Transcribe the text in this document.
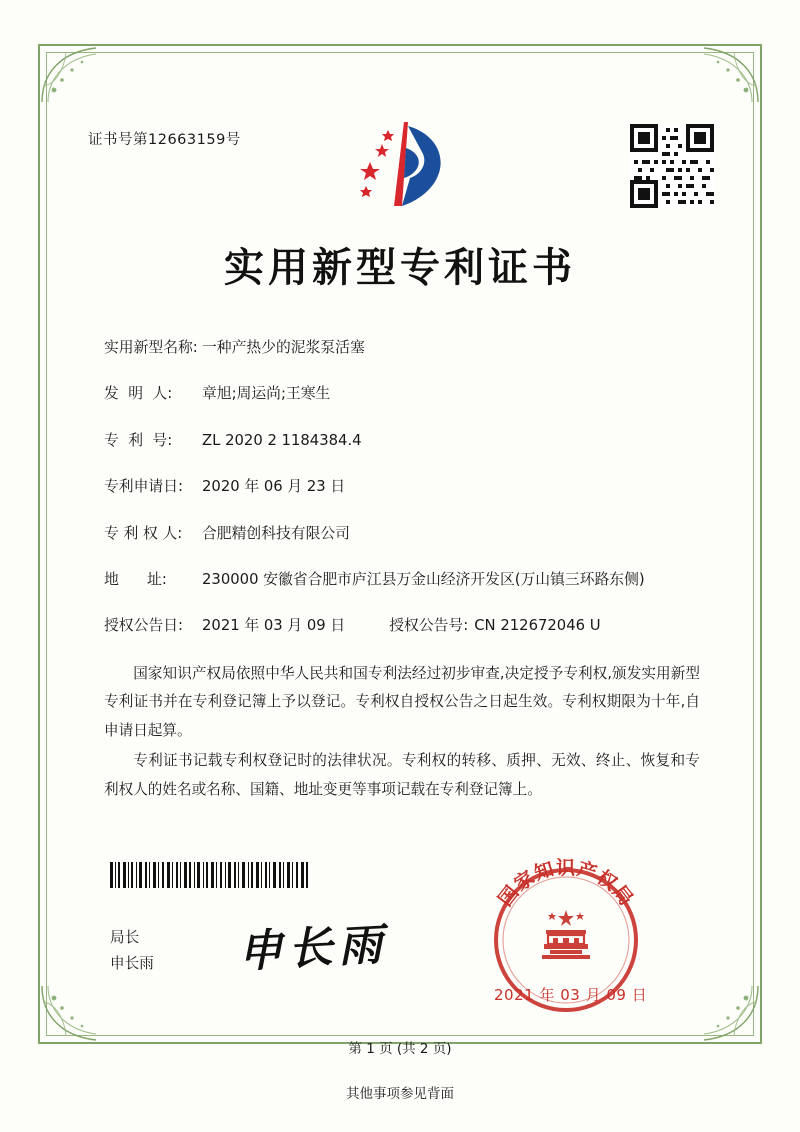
证书号第12663159号
实用新型专利证书
实用新型名称: 一种产热少的泥浆泵活塞
发  明  人:	章旭;周运尚;王寒生
专  利  号:	ZL 2020 2 1184384.4
专利申请日:	2020 年 06 月 23 日
专 利 权 人:	合肥精创科技有限公司
地      址:	230000 安徽省合肥市庐江县万金山经济开发区(万山镇三环路东侧)
授权公告日:	2021 年 03 月 09 日	授权公告号: CN 212672046 U

国家知识产权局依照中华人民共和国专利法经过初步审查,决定授予专利权,颁发实用新型专利证书并在专利登记簿上予以登记。专利权自授权公告之日起生效。专利权期限为十年,自申请日起算。

专利证书记载专利权登记时的法律状况。专利权的转移、质押、无效、终止、恢复和专利权人的姓名或名称、国籍、地址变更等事项记载在专利登记簿上。

局长
申长雨 申长雨
国家知识产权局
2021 年 03 月 09 日
第 1 页 (共 2 页)
其他事项参见背面
